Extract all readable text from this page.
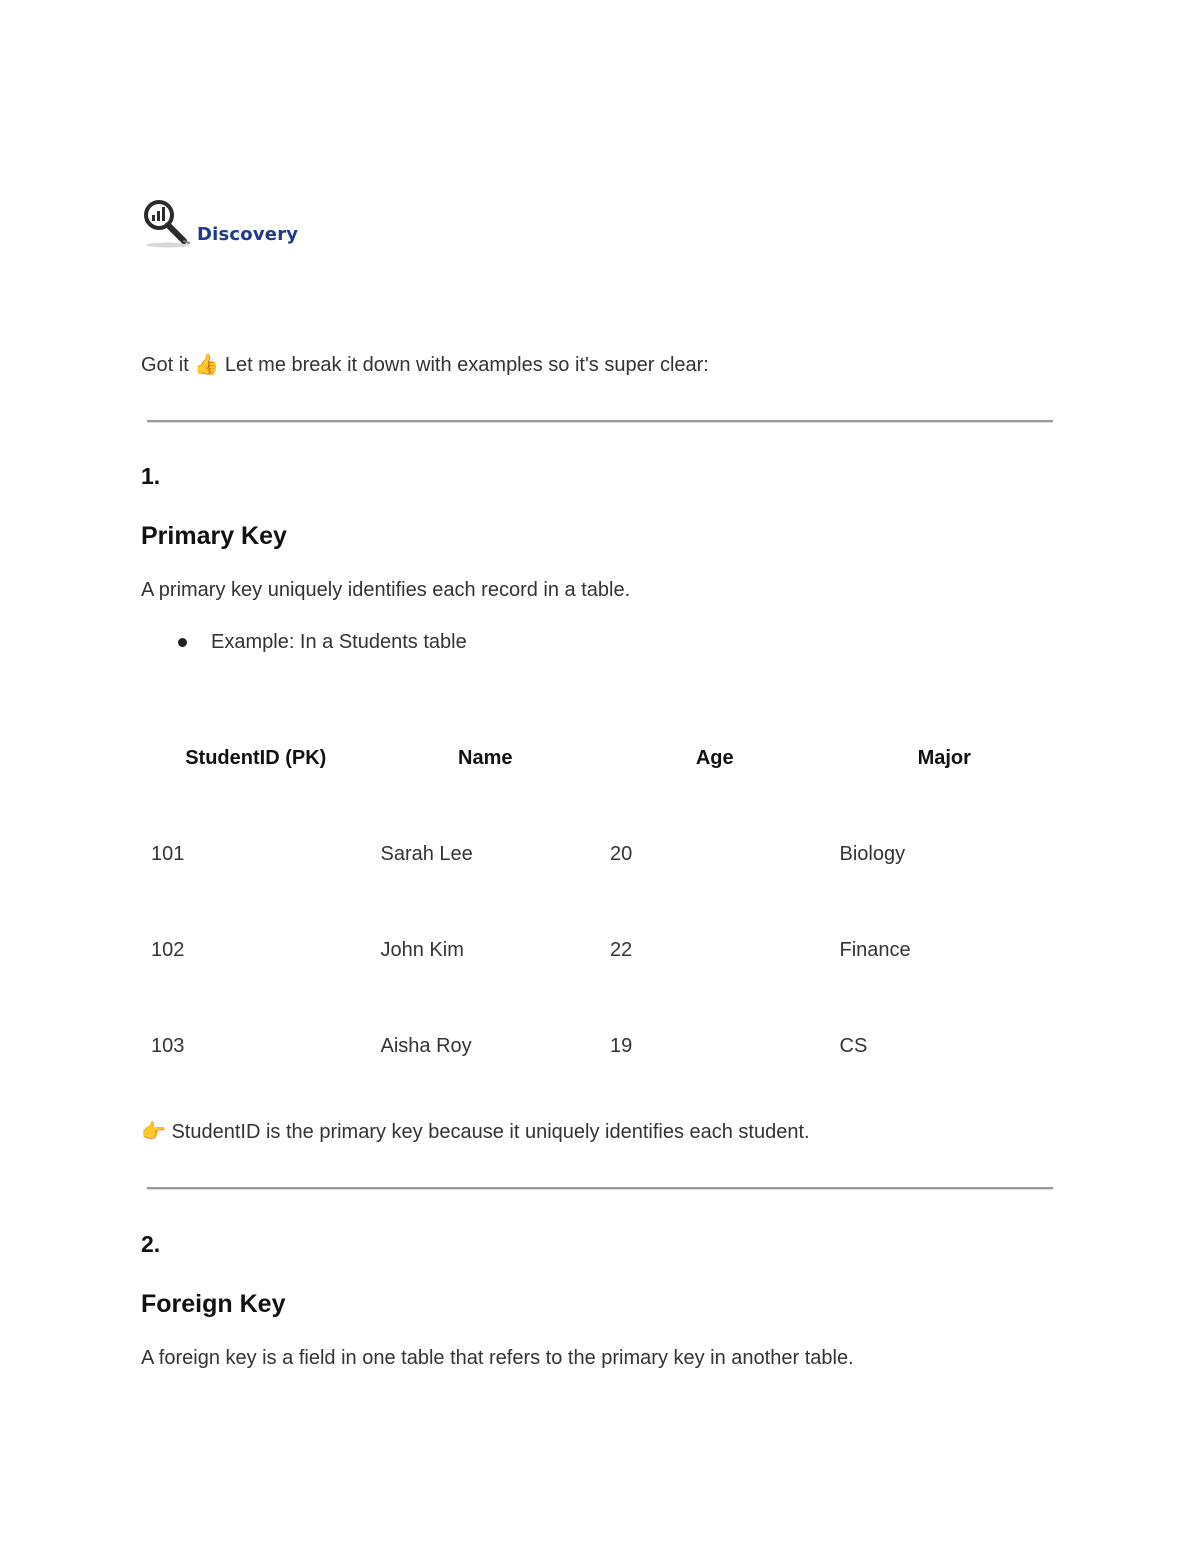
Discovery
Got it 👍 Let me break it down with examples so it's super clear:
1.
Primary Key
A primary key uniquely identifies each record in a table.
Example: In a Students table
StudentID (PK)	Name	Age	Major
101	Sarah Lee	20	Biology
102	John Kim	22	Finance
103	Aisha Roy	19	CS
👉 StudentID is the primary key because it uniquely identifies each student.
2.
Foreign Key
A foreign key is a field in one table that refers to the primary key in another table.
